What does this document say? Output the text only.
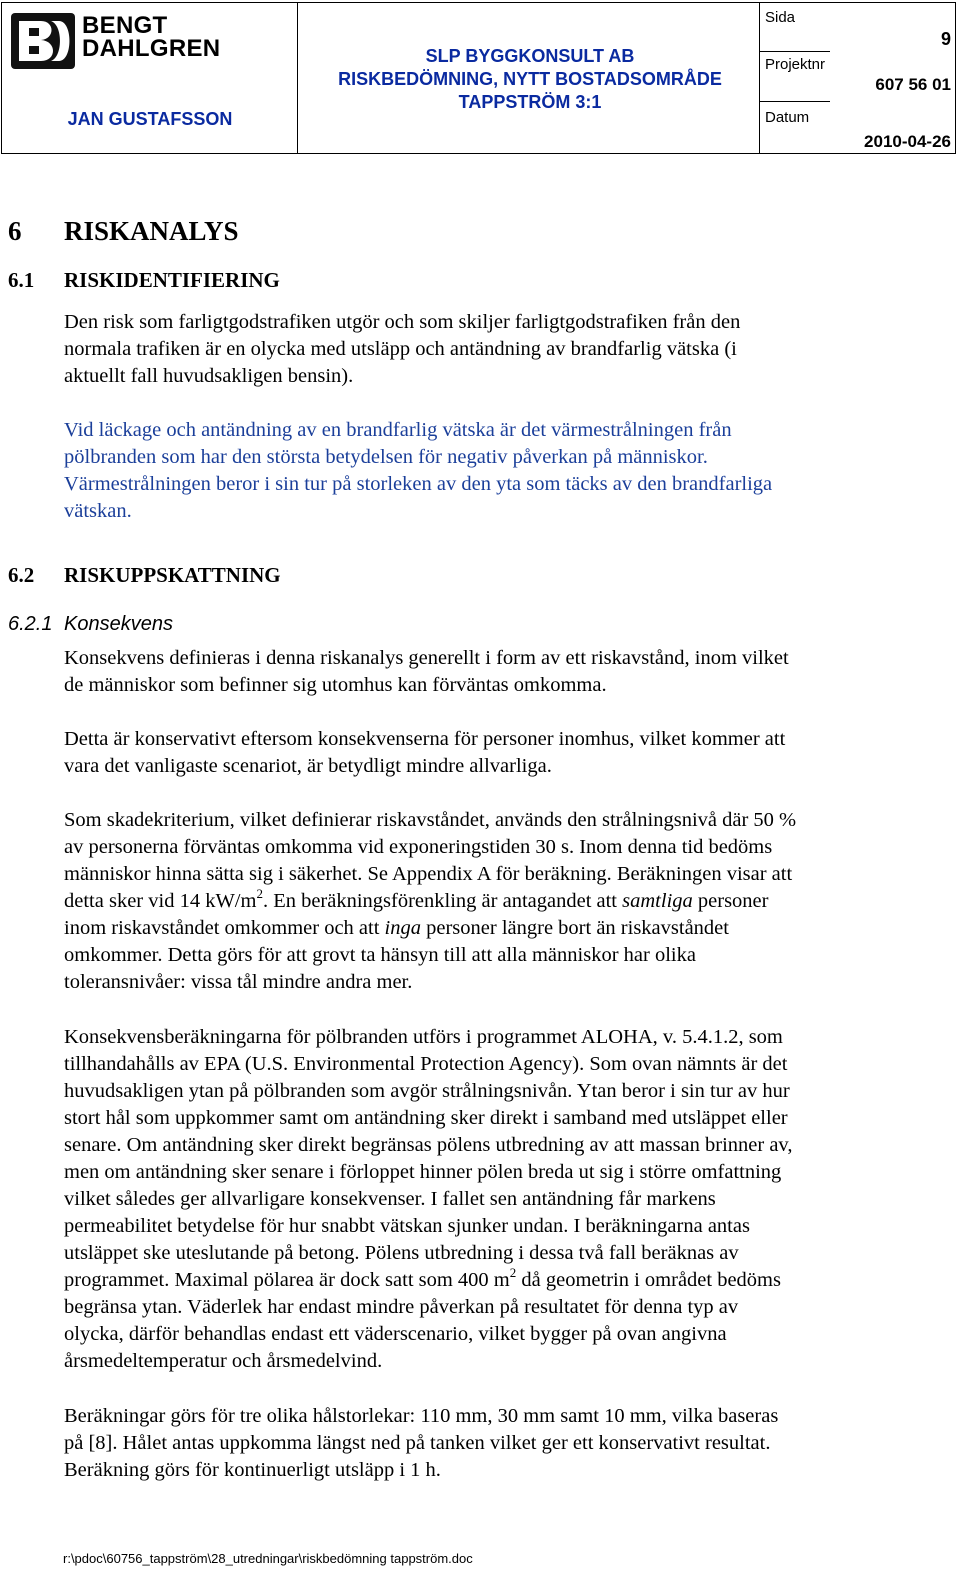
BENGT
DAHLGREN
JAN GUSTAFSSON
SLP BYGGKONSULT AB
RISKBEDÖMNING, NYTT BOSTADSOMRÅDE
TAPPSTRÖM 3:1
Sida
9
Projektnr
607 56 01
Datum
2010-04-26
6 RISKANALYS
6.1 RISKIDENTIFIERING
Den risk som farligtgodstrafiken utgör och som skiljer farligtgodstrafiken från den
normala trafiken är en olycka med utsläpp och antändning av brandfarlig vätska (i
aktuellt fall huvudsakligen bensin).
Vid läckage och antändning av en brandfarlig vätska är det värmestrålningen från
pölbranden som har den största betydelsen för negativ påverkan på människor.
Värmestrålningen beror i sin tur på storleken av den yta som täcks av den brandfarliga
vätskan.
6.2 RISKUPPSKATTNING
6.2.1 Konsekvens
Konsekvens definieras i denna riskanalys generellt i form av ett riskavstånd, inom vilket
de människor som befinner sig utomhus kan förväntas omkomma.
Detta är konservativt eftersom konsekvenserna för personer inomhus, vilket kommer att
vara det vanligaste scenariot, är betydligt mindre allvarliga.
Som skadekriterium, vilket definierar riskavståndet, används den strålningsnivå där 50 %
av personerna förväntas omkomma vid exponeringstiden 30 s. Inom denna tid bedöms
människor hinna sätta sig i säkerhet. Se Appendix A för beräkning. Beräkningen visar att
detta sker vid 14 $kW/m^2$. En beräkningsförenkling är antagandet att samtliga personer
inom riskavståndet omkommer och att inga personer längre bort än riskavståndet
omkommer. Detta görs för att grovt ta hänsyn till att alla människor har olika
toleransnivåer: vissa tål mindre andra mer.
Konsekvensberäkningarna för pölbranden utförs i programmet ALOHA, v. 5.4.1.2, som
tillhandahålls av EPA (U.S. Environmental Protection Agency). Som ovan nämnts är det
huvudsakligen ytan på pölbranden som avgör strålningsnivån. Ytan beror i sin tur av hur
stort hål som uppkommer samt om antändning sker direkt i samband med utsläppet eller
senare. Om antändning sker direkt begränsas pölens utbredning av att massan brinner av,
men om antändning sker senare i förloppet hinner pölen breda ut sig i större omfattning
vilket således ger allvarligare konsekvenser. I fallet sen antändning får markens
permeabilitet betydelse för hur snabbt vätskan sjunker undan. I beräkningarna antas
utsläppet ske uteslutande på betong. Pölens utbredning i dessa två fall beräknas av
programmet. Maximal pölarea är dock satt som 400 $m^2$ då geometrin i området bedöms
begränsa ytan. Väderlek har endast mindre påverkan på resultatet för denna typ av
olycka, därför behandlas endast ett väderscenario, vilket bygger på ovan angivna
årsmedeltemperatur och årsmedelvind.
Beräkningar görs för tre olika hålstorlekar: 110 mm, 30 mm samt 10 mm, vilka baseras
på [8]. Hålet antas uppkomma längst ned på tanken vilket ger ett konservativt resultat.
Beräkning görs för kontinuerligt utsläpp i 1 h.
r:\pdoc\60756_tappström\28_utredningar\riskbedömning tappström.doc
